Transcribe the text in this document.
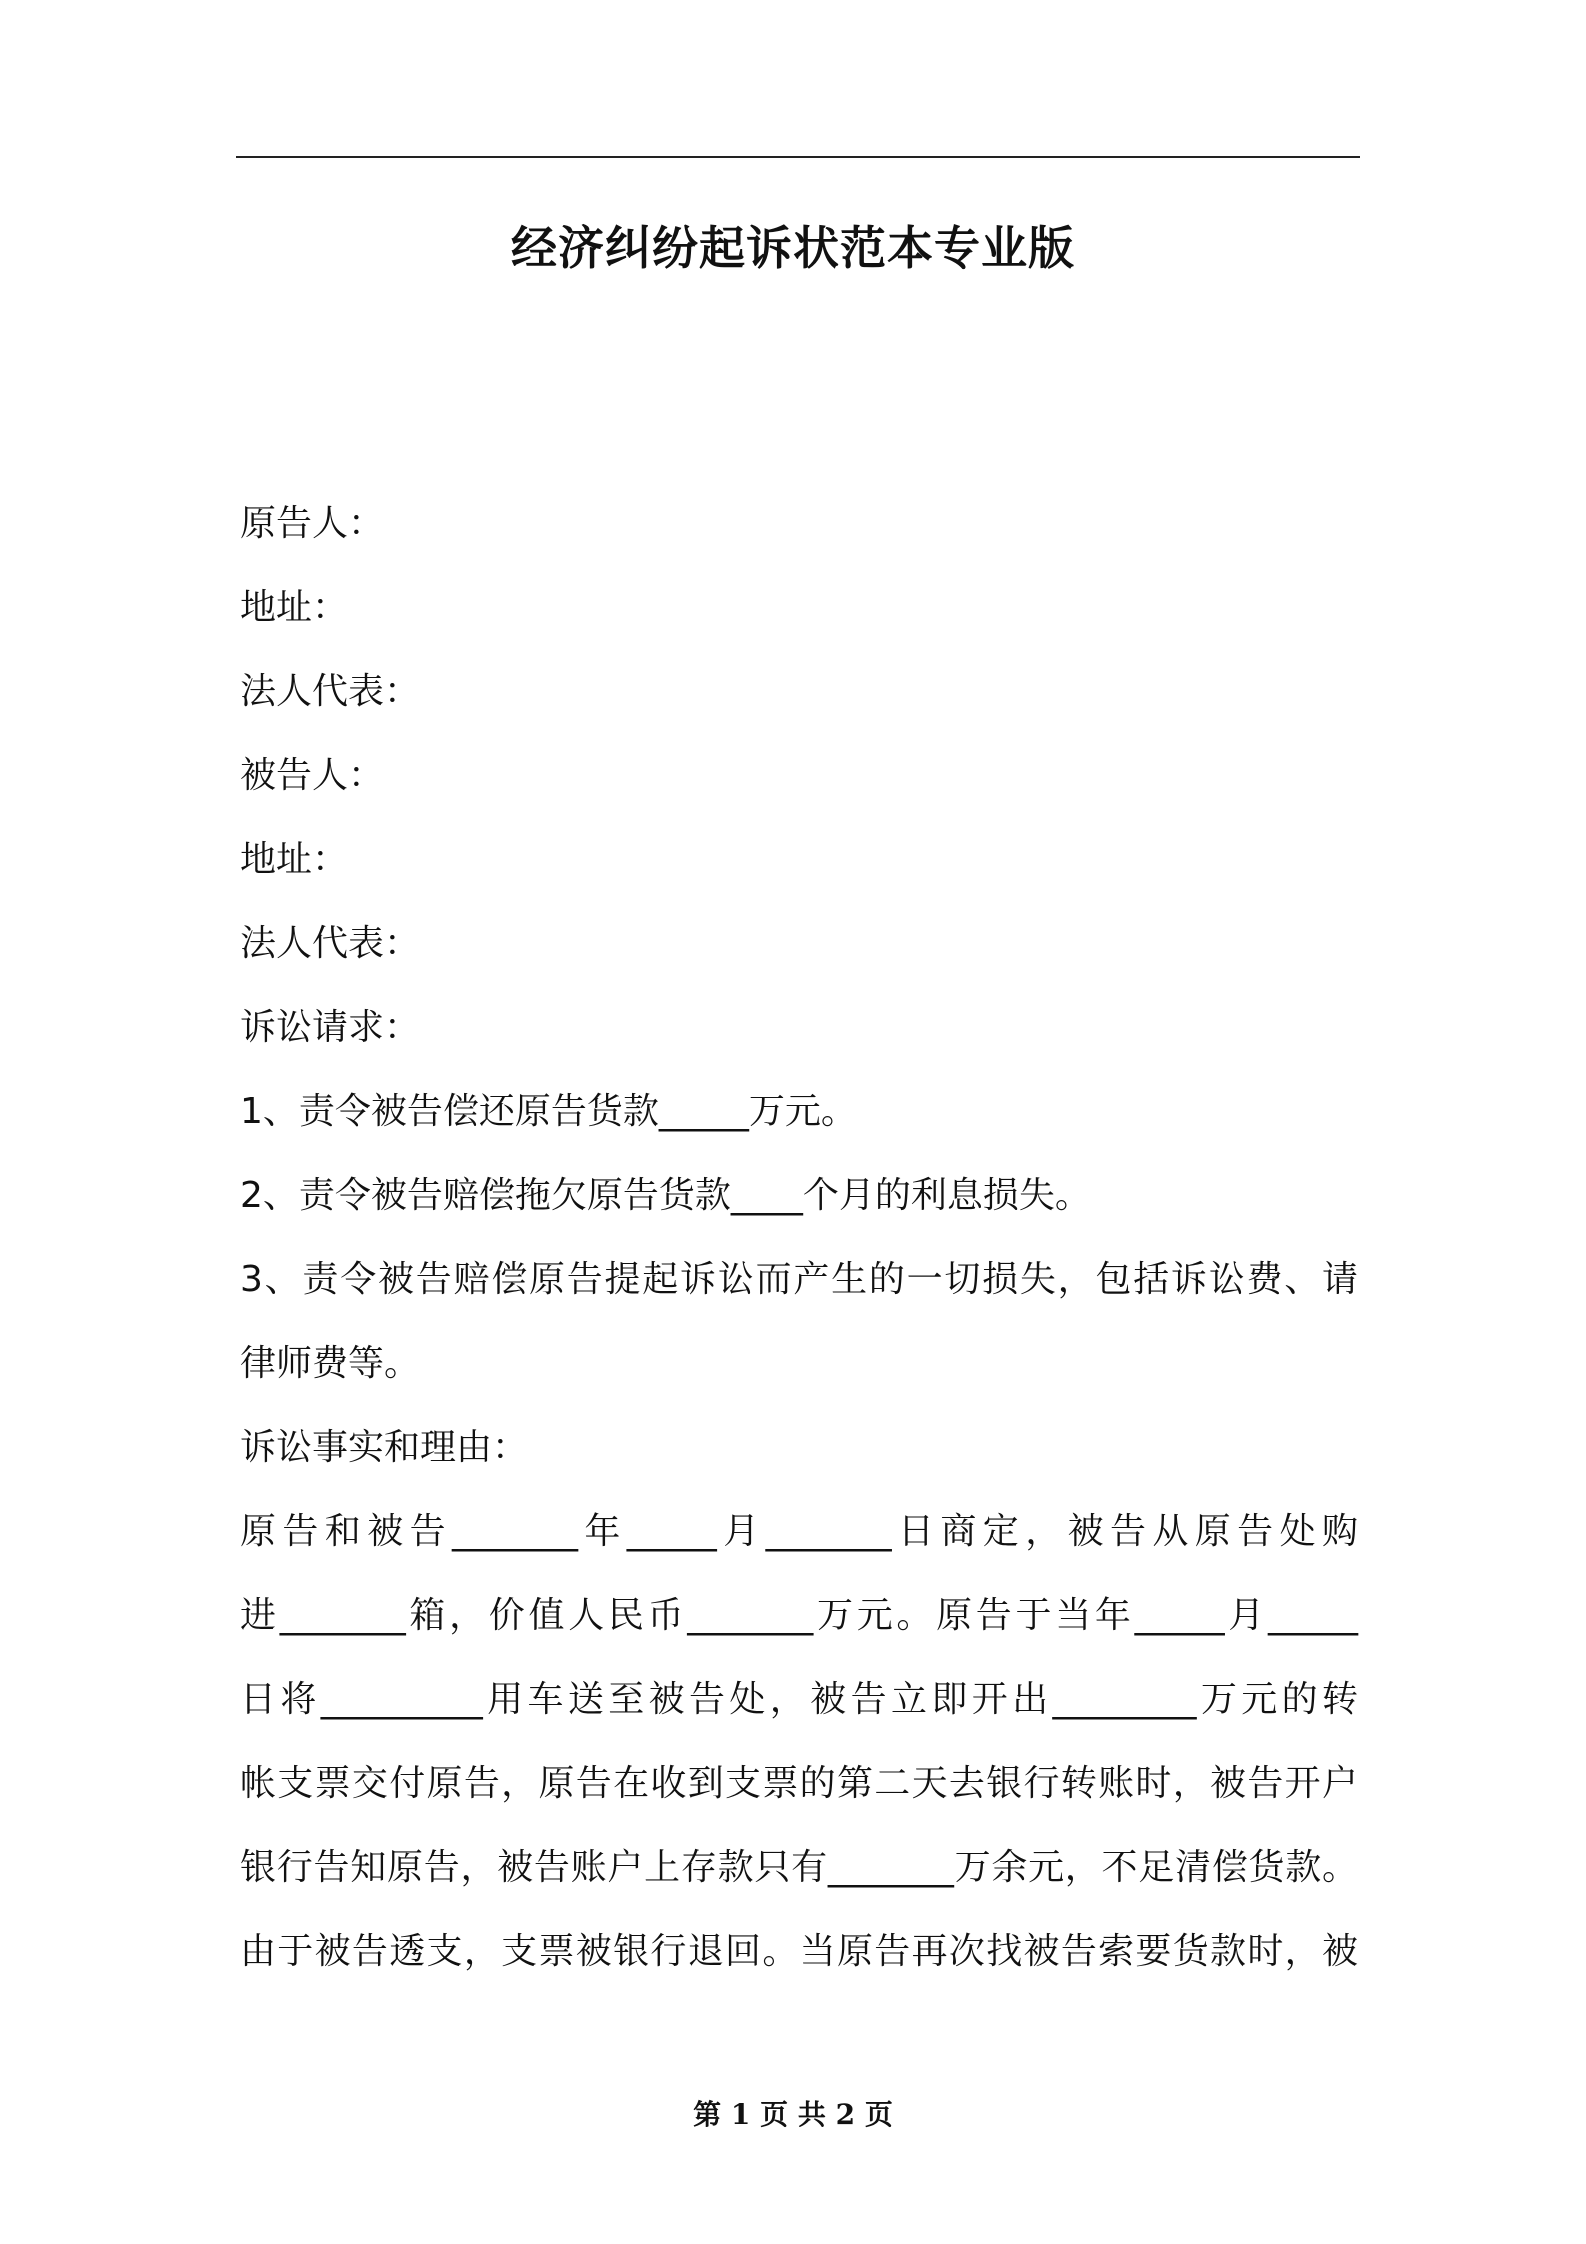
经济纠纷起诉状范本专业版
原告人：
地址：
法人代表：
被告人：
地址：
法人代表：
诉讼请求：
1、责令被告偿还原告货款_____万元。
2、责令被告赔偿拖欠原告货款____个月的利息损失。
3、责令被告赔偿原告提起诉讼而产生的一切损失，包括诉讼费、请
律师费等。
诉讼事实和理由：
原告和被告_______年_____月_______日商定，被告从原告处购
进_______箱，价值人民币_______万元。原告于当年_____月_____
日将_________用车送至被告处，被告立即开出________万元的转
帐支票交付原告，原告在收到支票的第二天去银行转账时，被告开户
银行告知原告，被告账户上存款只有_______万余元，不足清偿货款。
由于被告透支，支票被银行退回。当原告再次找被告索要货款时，被
第 1 页 共 2 页
